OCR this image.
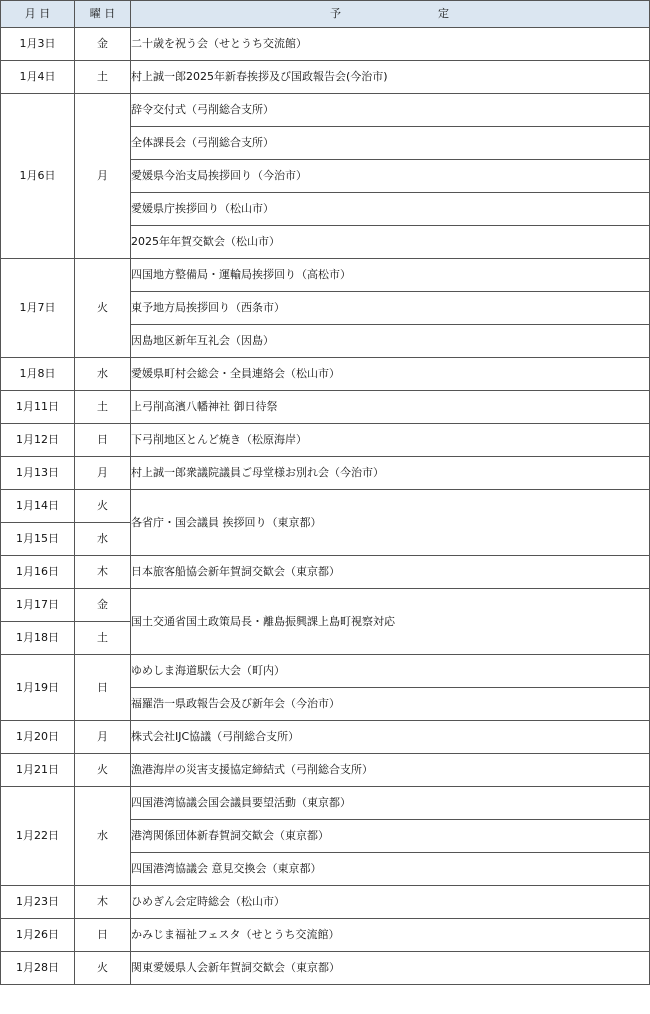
月 日	曜 日	予　　　　　　　　定
1月3日	金	二十歳を祝う会（せとうち交流館）
1月4日	土	村上誠一郎2025年新春挨拶及び国政報告会(今治市)
1月6日	月	辞令交付式（弓削総合支所）
		全体課長会（弓削総合支所）
		愛媛県今治支局挨拶回り（今治市）
		愛媛県庁挨拶回り（松山市）
		2025年年賀交歓会（松山市）
1月7日	火	四国地方整備局・運輸局挨拶回り（高松市）
		東予地方局挨拶回り（西条市）
		因島地区新年互礼会（因島）
1月8日	水	愛媛県町村会総会・全員連絡会（松山市）
1月11日	土	上弓削高濱八幡神社 御日待祭
1月12日	日	下弓削地区とんど焼き（松原海岸）
1月13日	月	村上誠一郎衆議院議員ご母堂様お別れ会（今治市）
1月14日	火	各省庁・国会議員 挨拶回り（東京都）
1月15日	水	
1月16日	木	日本旅客船協会新年賀詞交歓会（東京都）
1月17日	金	国土交通省国土政策局長・離島振興課上島町視察対応
1月18日	土	
1月19日	日	ゆめしま海道駅伝大会（町内）
		福羅浩一県政報告会及び新年会（今治市）
1月20日	月	株式会社IJC協議（弓削総合支所）
1月21日	火	漁港海岸の災害支援協定締結式（弓削総合支所）
1月22日	水	四国港湾協議会国会議員要望活動（東京都）
		港湾関係団体新春賀詞交歓会（東京都）
		四国港湾協議会 意見交換会（東京都）
1月23日	木	ひめぎん会定時総会（松山市）
1月26日	日	かみじま福祉フェスタ（せとうち交流館）
1月28日	火	関東愛媛県人会新年賀詞交歓会（東京都）
